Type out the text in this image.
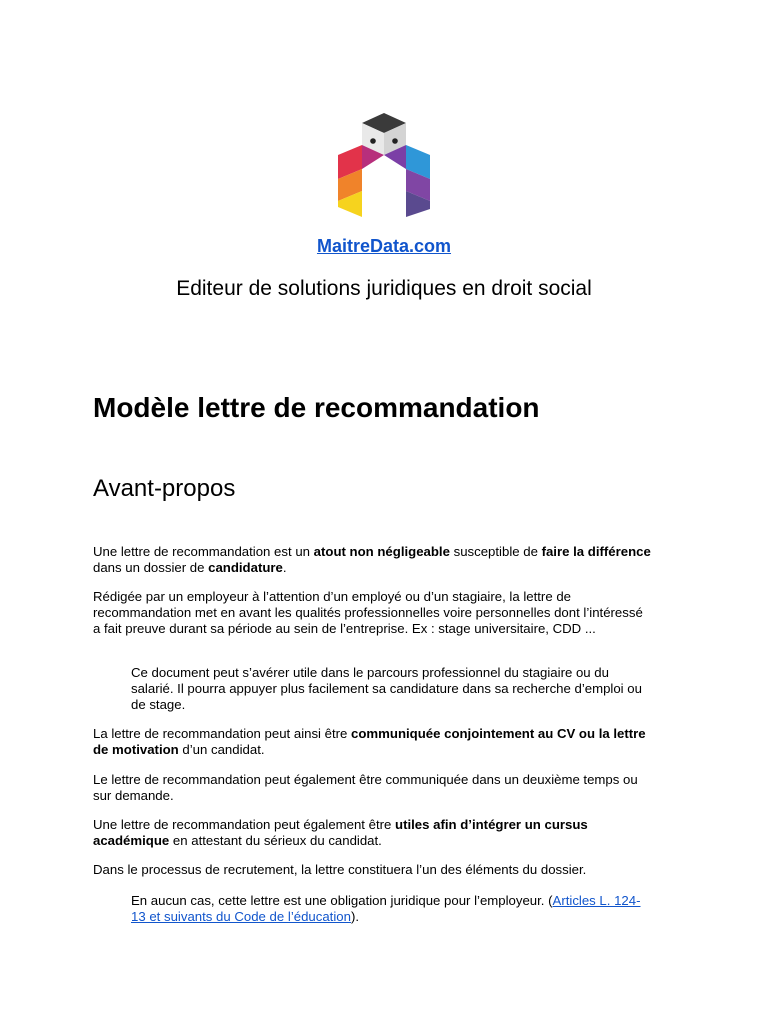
MaitreData.com
Editeur de solutions juridiques en droit social
Modèle lettre de recommandation
Avant-propos

Une lettre de recommandation est un atout non négligeable susceptible de faire la différence dans un dossier de candidature.

Rédigée par un employeur à l’attention d’un employé ou d’un stagiaire, la lettre de recommandation met en avant les qualités professionnelles voire personnelles dont l’intéressé a fait preuve durant sa période au sein de l’entreprise. Ex : stage universitaire, CDD ...

Ce document peut s’avérer utile dans le parcours professionnel du stagiaire ou du salarié. Il pourra appuyer plus facilement sa candidature dans sa recherche d’emploi ou de stage.

La lettre de recommandation peut ainsi être communiquée conjointement au CV ou la lettre de motivation d’un candidat.

Le lettre de recommandation peut également être communiquée dans un deuxième temps ou sur demande.

Une lettre de recommandation peut également être utiles afin d’intégrer un cursus académique en attestant du sérieux du candidat.

Dans le processus de recrutement, la lettre constituera l’un des éléments du dossier.

En aucun cas, cette lettre est une obligation juridique pour l’employeur. (Articles L. 124-13 et suivants du Code de l’éducation).
